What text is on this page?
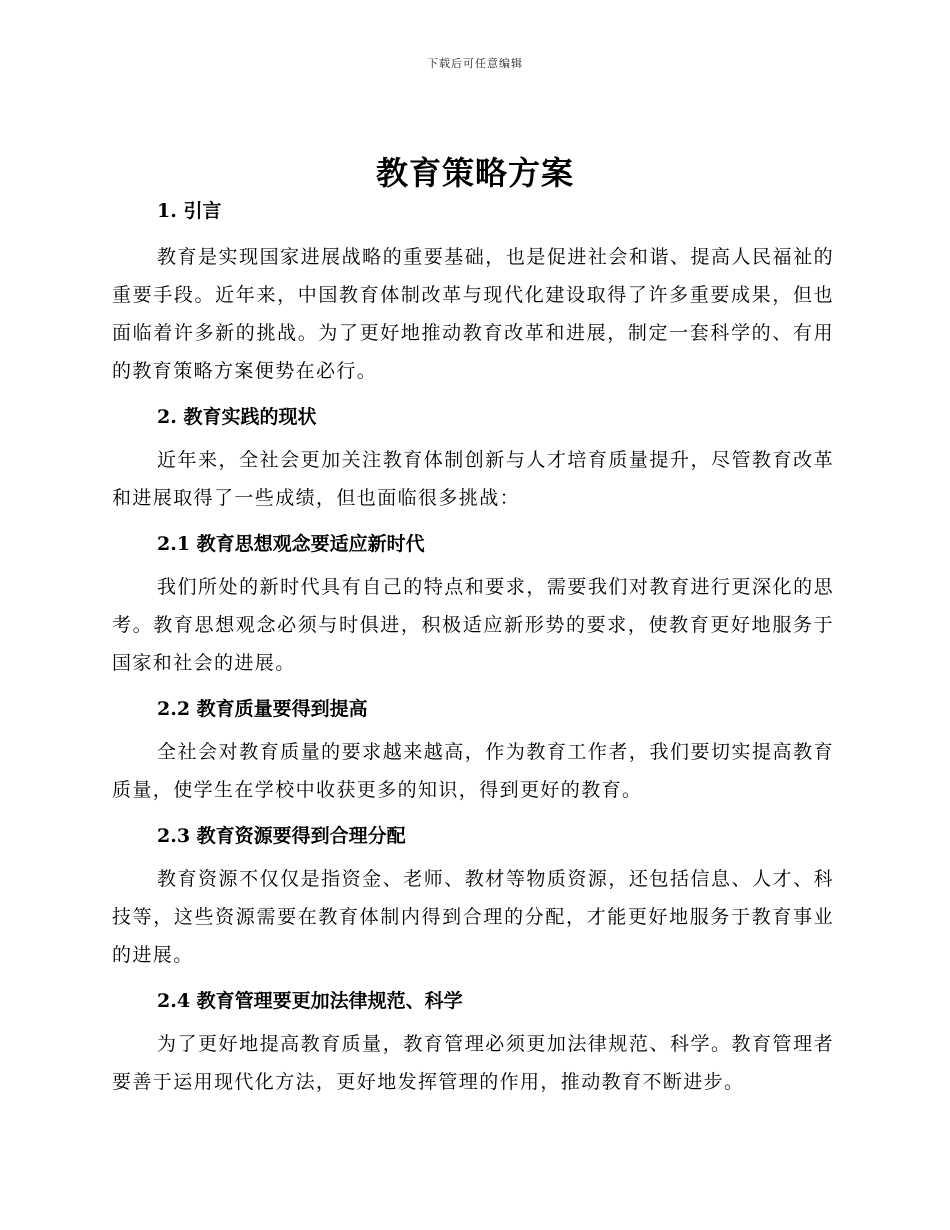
下载后可任意编辑
教育策略方案
1. 引言

教育是实现国家进展战略的重要基础，也是促进社会和谐、提高人民福祉的重要手段。近年来，中国教育体制改革与现代化建设取得了许多重要成果，但也面临着许多新的挑战。为了更好地推动教育改革和进展，制定一套科学的、有用的教育策略方案便势在必行。

2. 教育实践的现状

近年来，全社会更加关注教育体制创新与人才培育质量提升，尽管教育改革和进展取得了一些成绩，但也面临很多挑战：

2.1 教育思想观念要适应新时代

我们所处的新时代具有自己的特点和要求，需要我们对教育进行更深化的思考。教育思想观念必须与时俱进，积极适应新形势的要求，使教育更好地服务于国家和社会的进展。

2.2 教育质量要得到提高

全社会对教育质量的要求越来越高，作为教育工作者，我们要切实提高教育质量，使学生在学校中收获更多的知识，得到更好的教育。

2.3 教育资源要得到合理分配

教育资源不仅仅是指资金、老师、教材等物质资源，还包括信息、人才、科技等，这些资源需要在教育体制内得到合理的分配，才能更好地服务于教育事业的进展。

2.4 教育管理要更加法律规范、科学

为了更好地提高教育质量，教育管理必须更加法律规范、科学。教育管理者要善于运用现代化方法，更好地发挥管理的作用，推动教育不断进步。
